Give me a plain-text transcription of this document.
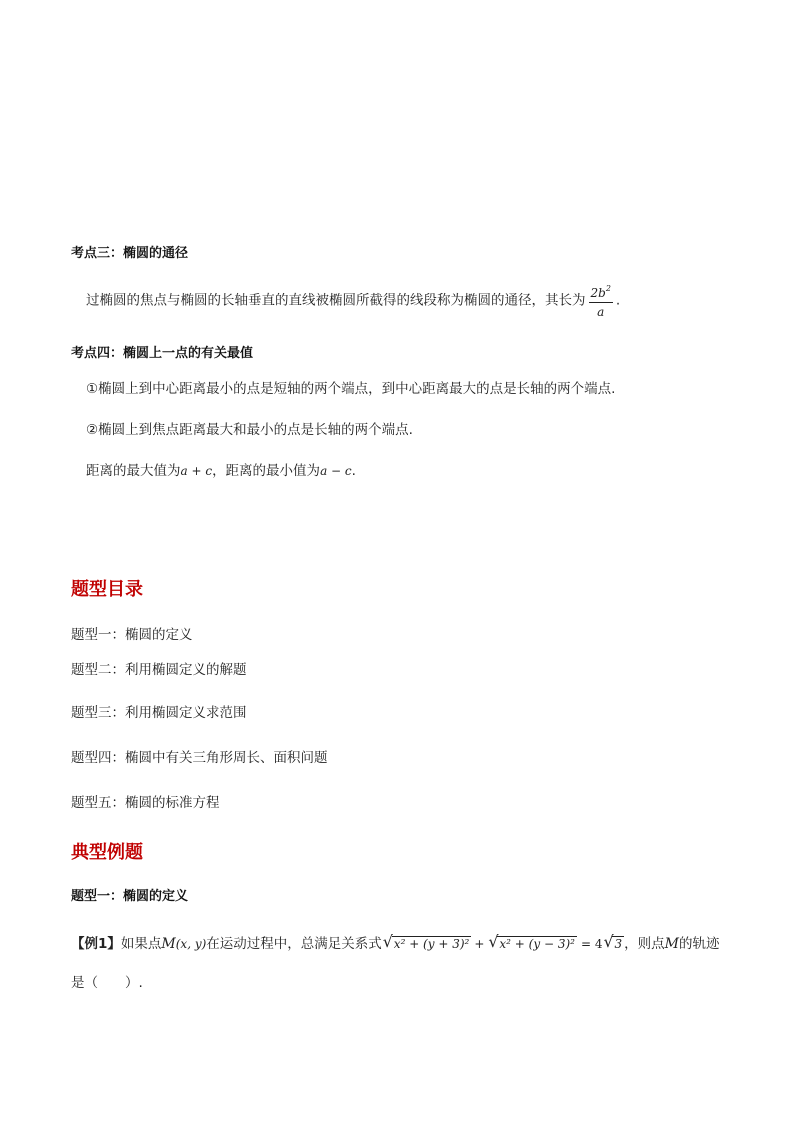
考点三：椭圆的通径
过椭圆的焦点与椭圆的长轴垂直的直线被椭圆所截得的线段称为椭圆的通径，其长为 $\frac{2b^2}{a}$ .
考点四：椭圆上一点的有关最值
①椭圆上到中心距离最小的点是短轴的两个端点，到中心距离最大的点是长轴的两个端点.
②椭圆上到焦点距离最大和最小的点是长轴的两个端点.
距离的最大值为a + c，距离的最小值为a − c.
题型目录
题型一：椭圆的定义
题型二：利用椭圆定义的解题
题型三：利用椭圆定义求范围
题型四：椭圆中有关三角形周长、面积问题
题型五：椭圆的标准方程
典型例题
题型一：椭圆的定义
【例1】如果点M(x, y)在运动过程中，总满足关系式 √ x² + (y + 3)² + √ x² + (y − 3)² = 4 √ 3 ，则点M的轨迹
是（　　）.
